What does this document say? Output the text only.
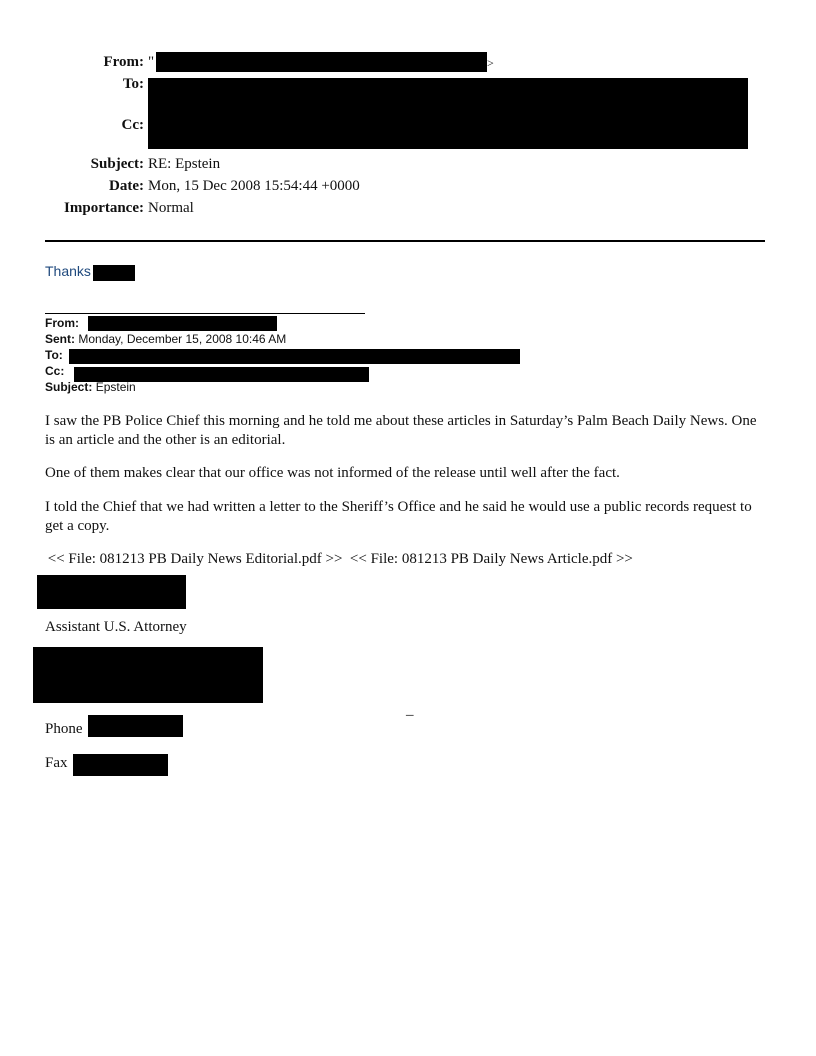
From: "	>
To:
Cc:
Subject: RE: Epstein
Date: Mon, 15 Dec 2008 15:54:44 +0000
Importance: Normal
Thanks
From:
Sent: Monday, December 15, 2008 10:46 AM
To:
Cc:
Subject: Epstein
I saw the PB Police Chief this morning and he told me about these articles in Saturday’s Palm Beach Daily News. One is an article and the other is an editorial.
One of them makes clear that our office was not informed of the release until well after the fact.
I told the Chief that we had written a letter to the Sheriff’s Office and he said he would use a public records request to get a copy.
<< File: 081213 PB Daily News Editorial.pdf >>  << File: 081213 PB Daily News Article.pdf >>
Assistant U.S. Attorney
–
Phone
Fax
